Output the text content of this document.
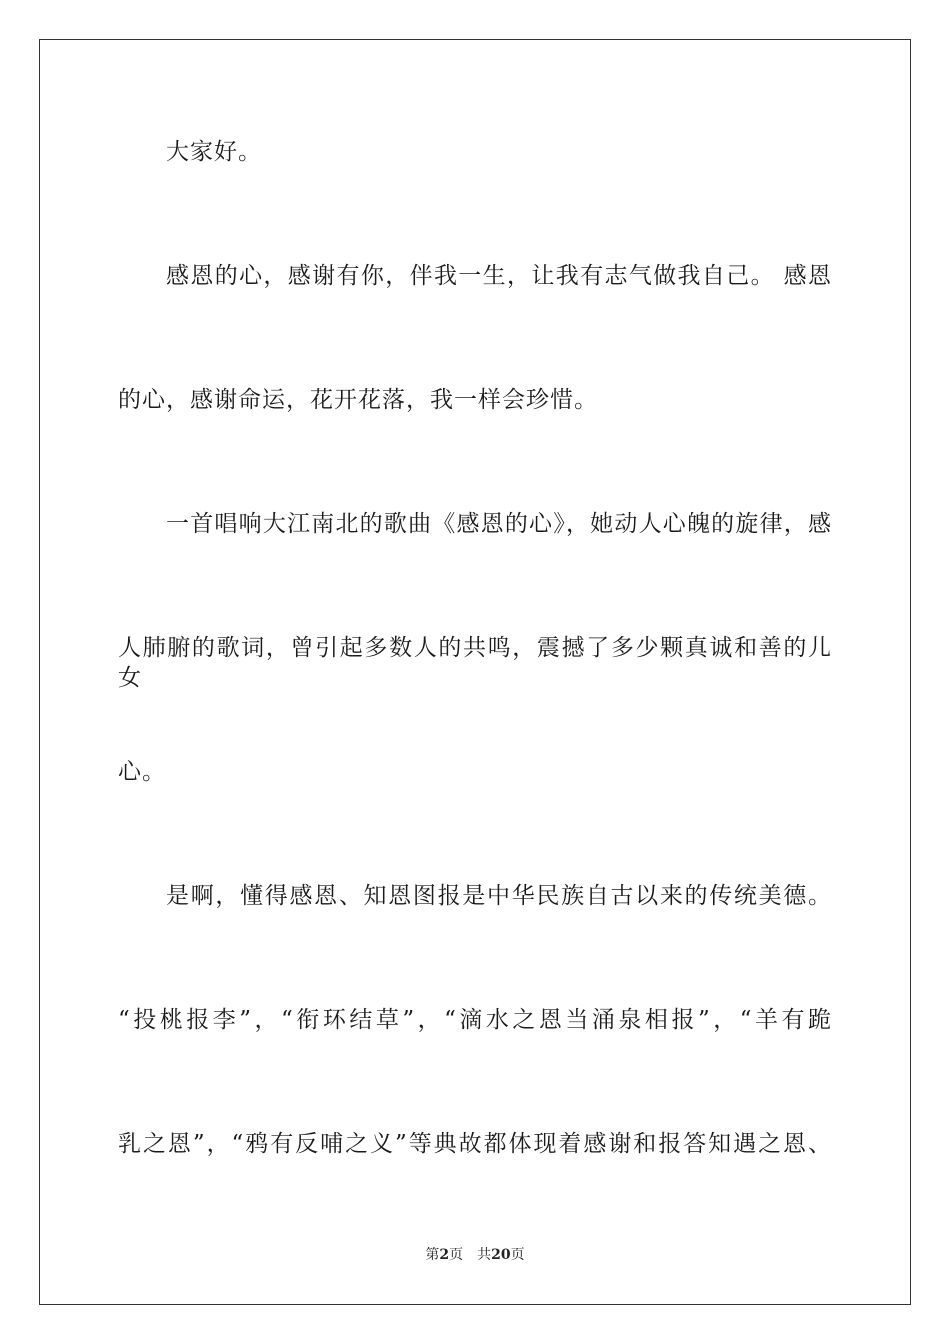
大家好。
感恩的心，感谢有你，伴我一生，让我有志气做我自己。 感恩
的心，感谢命运，花开花落，我一样会珍惜。
一首唱响大江南北的歌曲《感恩的心》，她动人心魄的旋律，感
人肺腑的歌词，曾引起多数人的共鸣，震撼了多少颗真诚和善的儿女
心。
是啊，懂得感恩、知恩图报是中华民族自古以来的传统美德。
“投桃报李”，“衔环结草”，“滴水之恩当涌泉相报”，“羊有跪
乳之恩”，“鸦有反哺之义”等典故都体现着感谢和报答知遇之恩、
第2页 共20页
